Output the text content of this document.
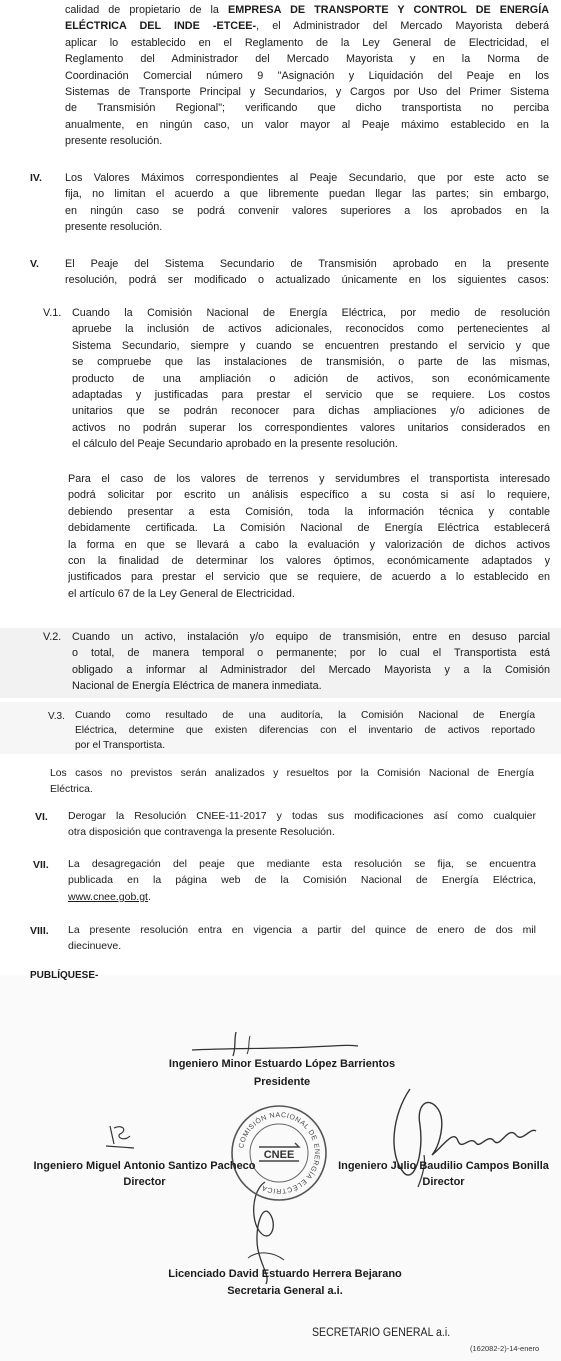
calidad de propietario de la EMPRESA DE TRANSPORTE Y CONTROL DE ENERGÍA
ELÉCTRICA DEL INDE -ETCEE-, el Administrador del Mercado Mayorista deberá
aplicar lo establecido en el Reglamento de la Ley General de Electricidad, el
Reglamento del Administrador del Mercado Mayorista y en la Norma de
Coordinación Comercial número 9 "Asignación y Liquidación del Peaje en los
Sistemas de Transporte Principal y Secundarios, y Cargos por Uso del Primer Sistema
de Transmisión Regional"; verificando que dicho transportista no perciba
anualmente, en ningún caso, un valor mayor al Peaje máximo establecido en la
presente resolución.
IV. Los Valores Máximos correspondientes al Peaje Secundario, que por este acto se
fija, no limitan el acuerdo a que libremente puedan llegar las partes; sin embargo,
en ningún caso se podrá convenir valores superiores a los aprobados en la
presente resolución.
V. El Peaje del Sistema Secundario de Transmisión aprobado en la presente
resolución, podrá ser modificado o actualizado únicamente en los siguientes casos:
V.1. Cuando la Comisión Nacional de Energía Eléctrica, por medio de resolución
apruebe la inclusión de activos adicionales, reconocidos como pertenecientes al
Sistema Secundario, siempre y cuando se encuentren prestando el servicio y que
se compruebe que las instalaciones de transmisión, o parte de las mismas,
producto de una ampliación o adición de activos, son económicamente
adaptadas y justificadas para prestar el servicio que se requiere. Los costos
unitarios que se podrán reconocer para dichas ampliaciones y/o adiciones de
activos no podrán superar los correspondientes valores unitarios considerados en
el cálculo del Peaje Secundario aprobado en la presente resolución.
Para el caso de los valores de terrenos y servidumbres el transportista interesado
podrá solicitar por escrito un análisis específico a su costa si así lo requiere,
debiendo presentar a esta Comisión, toda la información técnica y contable
debidamente certificada. La Comisión Nacional de Energía Eléctrica establecerá
la forma en que se llevará a cabo la evaluación y valorización de dichos activos
con la finalidad de determinar los valores óptimos, económicamente adaptados y
justificados para prestar el servicio que se requiere, de acuerdo a lo establecido en
el artículo 67 de la Ley General de Electricidad.
V.2. Cuando un activo, instalación y/o equipo de transmisión, entre en desuso parcial
o total, de manera temporal o permanente; por lo cual el Transportista está
obligado a informar al Administrador del Mercado Mayorista y a la Comisión
Nacional de Energía Eléctrica de manera inmediata.
V.3. Cuando como resultado de una auditoría, la Comisión Nacional de Energía
Eléctrica, determine que existen diferencias con el inventario de activos reportado
por el Transportista.
Los casos no previstos serán analizados y resueltos por la Comisión Nacional de Energía
Eléctrica.
VI. Derogar la Resolución CNEE-11-2017 y todas sus modificaciones así como cualquier
otra disposición que contravenga la presente Resolución.
VII. La desagregación del peaje que mediante esta resolución se fija, se encuentra
publicada en la página web de la Comisión Nacional de Energía Eléctrica,
www.cnee.gob.gt.
VIII. La presente resolución entra en vigencia a partir del quince de enero de dos mil
diecinueve.
PUBLÍQUESE-
COMISIÓN NACIONAL DE ENERGÍA ELÉCTRICA
CNEE
Ingeniero Minor Estuardo López Barrientos
Presidente
Ingeniero Miguel Antonio Santizo Pacheco
Director
Ingeniero Julio Baudilio Campos Bonilla
Director
Licenciado David Estuardo Herrera Bejarano
Secretaria General a.i.
SECRETARIO GENERAL a.i.
(162082-2)-14-enero
